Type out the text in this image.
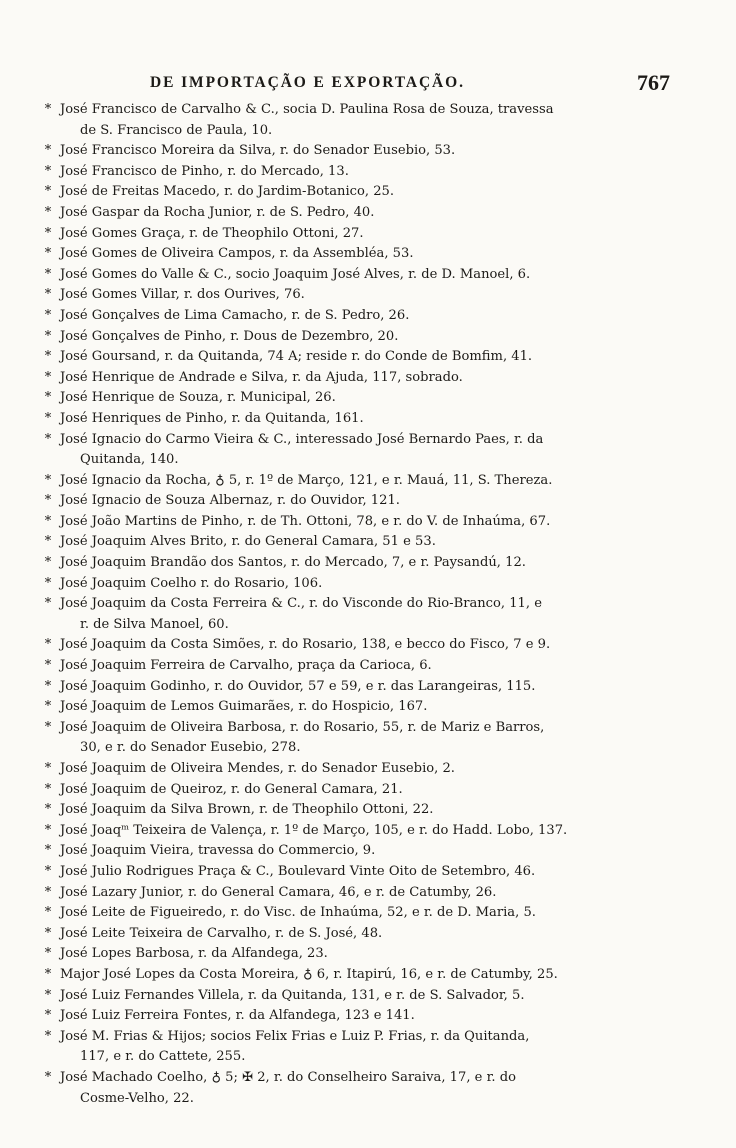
DE IMPORTAÇÃO E EXPORTAÇÃO.	767
* José Francisco de Carvalho & C., socia D. Paulina Rosa de Souza, travessa
de S. Francisco de Paula, 10.
* José Francisco Moreira da Silva, r. do Senador Eusebio, 53.
* José Francisco de Pinho, r. do Mercado, 13.
* José de Freitas Macedo, r. do Jardim-Botanico, 25.
* José Gaspar da Rocha Junior, r. de S. Pedro, 40.
* José Gomes Graça, r. de Theophilo Ottoni, 27.
* José Gomes de Oliveira Campos, r. da Assembléa, 53.
* José Gomes do Valle & C., socio Joaquim José Alves, r. de D. Manoel, 6.
* José Gomes Villar, r. dos Ourives, 76.
* José Gonçalves de Lima Camacho, r. de S. Pedro, 26.
* José Gonçalves de Pinho, r. Dous de Dezembro, 20.
* José Goursand, r. da Quitanda, 74 A; reside r. do Conde de Bomfim, 41.
* José Henrique de Andrade e Silva, r. da Ajuda, 117, sobrado.
* José Henrique de Souza, r. Municipal, 26.
* José Henriques de Pinho, r. da Quitanda, 161.
* José Ignacio do Carmo Vieira & C., interessado José Bernardo Paes, r. da
Quitanda, 140.
* José Ignacio da Rocha, ♁ 5, r. 1º de Março, 121, e r. Mauá, 11, S. Thereza.
* José Ignacio de Souza Albernaz, r. do Ouvidor, 121.
* José João Martins de Pinho, r. de Th. Ottoni, 78, e r. do V. de Inhaúma, 67.
* José Joaquim Alves Brito, r. do General Camara, 51 e 53.
* José Joaquim Brandão dos Santos, r. do Mercado, 7, e r. Paysandú, 12.
* José Joaquim Coelho r. do Rosario, 106.
* José Joaquim da Costa Ferreira & C., r. do Visconde do Rio-Branco, 11, e
r. de Silva Manoel, 60.
* José Joaquim da Costa Simões, r. do Rosario, 138, e becco do Fisco, 7 e 9.
* José Joaquim Ferreira de Carvalho, praça da Carioca, 6.
* José Joaquim Godinho, r. do Ouvidor, 57 e 59, e r. das Larangeiras, 115.
* José Joaquim de Lemos Guimarães, r. do Hospicio, 167.
* José Joaquim de Oliveira Barbosa, r. do Rosario, 55, r. de Mariz e Barros,
30, e r. do Senador Eusebio, 278.
* José Joaquim de Oliveira Mendes, r. do Senador Eusebio, 2.
* José Joaquim de Queiroz, r. do General Camara, 21.
* José Joaquim da Silva Brown, r. de Theophilo Ottoni, 22.
* José Joaqᵐ Teixeira de Valença, r. 1º de Março, 105, e r. do Hadd. Lobo, 137.
* José Joaquim Vieira, travessa do Commercio, 9.
* José Julio Rodrigues Praça & C., Boulevard Vinte Oito de Setembro, 46.
* José Lazary Junior, r. do General Camara, 46, e r. de Catumby, 26.
* José Leite de Figueiredo, r. do Visc. de Inhaúma, 52, e r. de D. Maria, 5.
* José Leite Teixeira de Carvalho, r. de S. José, 48.
* José Lopes Barbosa, r. da Alfandega, 23.
* Major José Lopes da Costa Moreira, ♁ 6, r. Itapirú, 16, e r. de Catumby, 25.
* José Luiz Fernandes Villela, r. da Quitanda, 131, e r. de S. Salvador, 5.
* José Luiz Ferreira Fontes, r. da Alfandega, 123 e 141.
* José M. Frias & Hijos; socios Felix Frias e Luiz P. Frias, r. da Quitanda,
117, e r. do Cattete, 255.
* José Machado Coelho, ♁ 5; ✠ 2, r. do Conselheiro Saraiva, 17, e r. do
Cosme-Velho, 22.
